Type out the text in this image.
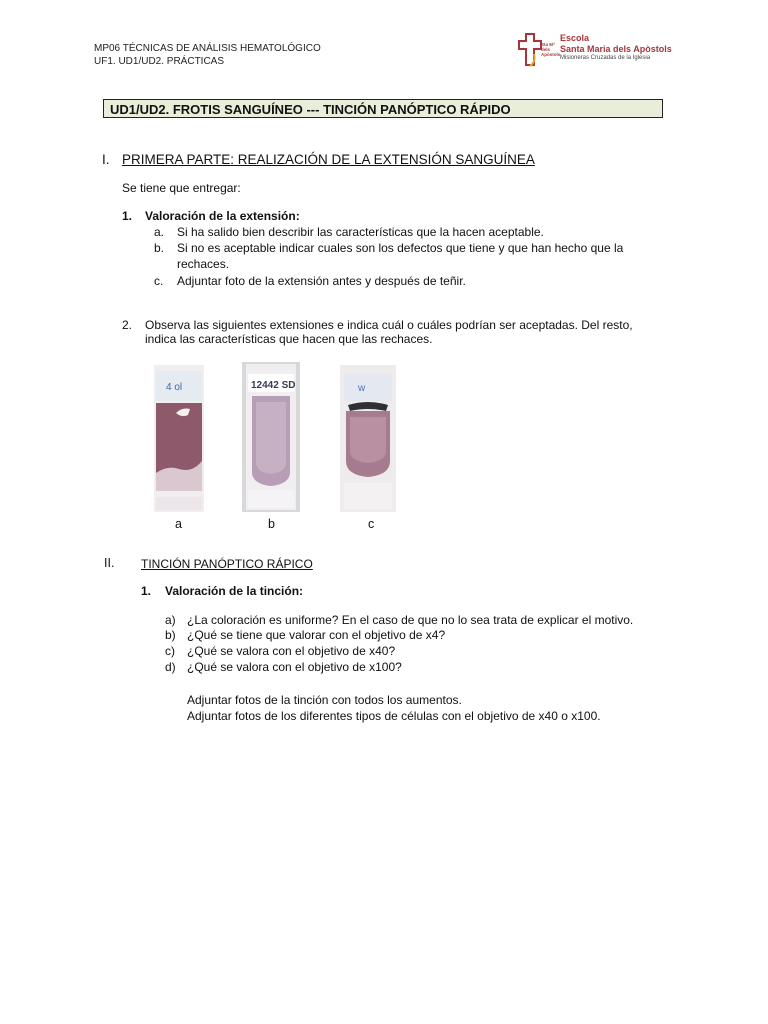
MP06 TÉCNICAS DE ANÁLISIS HEMATOLÓGICO
UF1. UD1/UD2. PRÁCTICAS
Sta Mª dels Apòstols
Escola
Santa Maria dels Apòstols
Misioneras Cruzadas de la Iglesia
UD1/UD2. FROTIS SANGUÍNEO --- TINCIÓN PANÓPTICO RÁPIDO
I. PRIMERA PARTE: REALIZACIÓN DE LA EXTENSIÓN SANGUÍNEA
Se tiene que entregar:
1. Valoración de la extensión:
a. Si ha salido bien describir las características que la hacen aceptable.
b. Si no es aceptable indicar cuales son los defectos que tiene y que han hecho que la
rechaces.
c. Adjuntar foto de la extensión antes y después de teñir.
2. Observa las siguientes extensiones e indica cuál o cuáles podrían ser aceptadas. Del resto,
indica las características que hacen que las rechaces.
4 ol	12442 SD	w
a	b	c
II. TINCIÓN PANÓPTICO RÁPICO
1. Valoración de la tinción:
a) ¿La coloración es uniforme? En el caso de que no lo sea trata de explicar el motivo.
b) ¿Qué se tiene que valorar con el objetivo de x4?
c) ¿Qué se valora con el objetivo de x40?
d) ¿Qué se valora con el objetivo de x100?
Adjuntar fotos de la tinción con todos los aumentos.
Adjuntar fotos de los diferentes tipos de células con el objetivo de x40 o x100.
